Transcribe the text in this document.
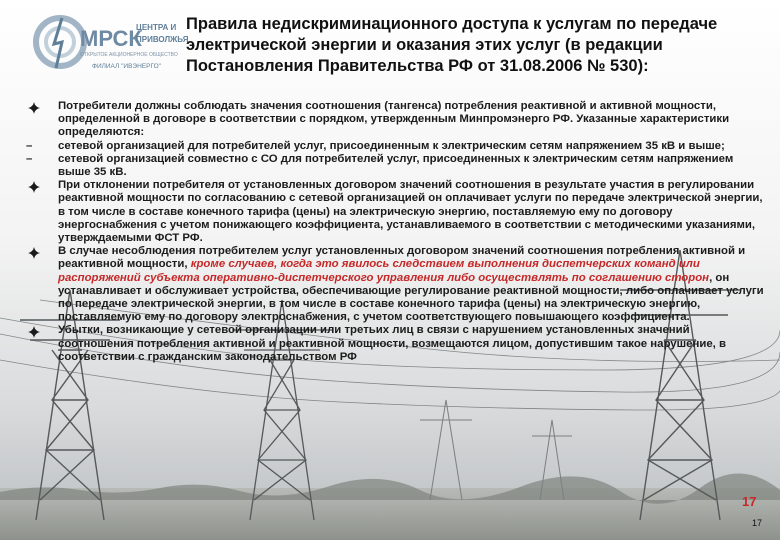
МРСК
ЦЕНТРА И
ПРИВОЛЖЬЯ
ОТКРЫТОЕ АКЦИОНЕРНОЕ ОБЩЕСТВО
ФИЛИАЛ "ИВЭНЕРГО"
Правила недискриминационного доступа к услугам по передаче электрической энергии и оказания этих услуг (в редакции Постановления Правительства РФ от 31.08.2006 № 530):

Потребители должны соблюдать значения соотношения (тангенса) потребления реактивной и активной мощности, определенной в договоре в соответствии с порядком, утвержденным Минпромэнерго РФ. Указанные характеристики определяются:

– сетевой организацией для потребителей услуг, присоединенным к электрическим сетям напряжением 35 кВ и выше;

– сетевой организацией совместно с СО для потребителей услуг, присоединенных к электрическим сетям напряжением выше 35 кВ.

При отклонении потребителя от установленных договором значений соотношения в результате участия в регулировании реактивной мощности по согласованию с сетевой организацией он оплачивает услуги по передаче электрической энергии, в том числе в составе конечного тарифа (цены) на электрическую энергию, поставляемую ему по договору энергоснабжения с учетом понижающего коэффициента, устанавливаемого в соответствии с методическими указаниями, утверждаемыми ФСТ РФ.

В случае несоблюдения потребителем услуг установленных договором значений соотношения потребления активной и реактивной мощности, кроме случаев, когда это явилось следствием выполнения диспетчерских команд или распоряжений субъекта оперативно-диспетчерского управления либо осуществлять по соглашению сторон, он устанавливает и обслуживает устройства, обеспечивающие регулирование реактивной мощности, либо оплачивает услуги по передаче электрической энергии, в том числе в составе конечного тарифа (цены) на электрическую энергию, поставляемую ему по договору электроснабжения, с учетом соответствующего повышающего коэффициента.

Убытки, возникающие у сетевой организации или третьих лиц в связи с нарушением установленных значений соотношения потребления активной и реактивной мощности, возмещаются лицом, допустившим такое нарушение, в соответствии с гражданским законодательством РФ

17
17
